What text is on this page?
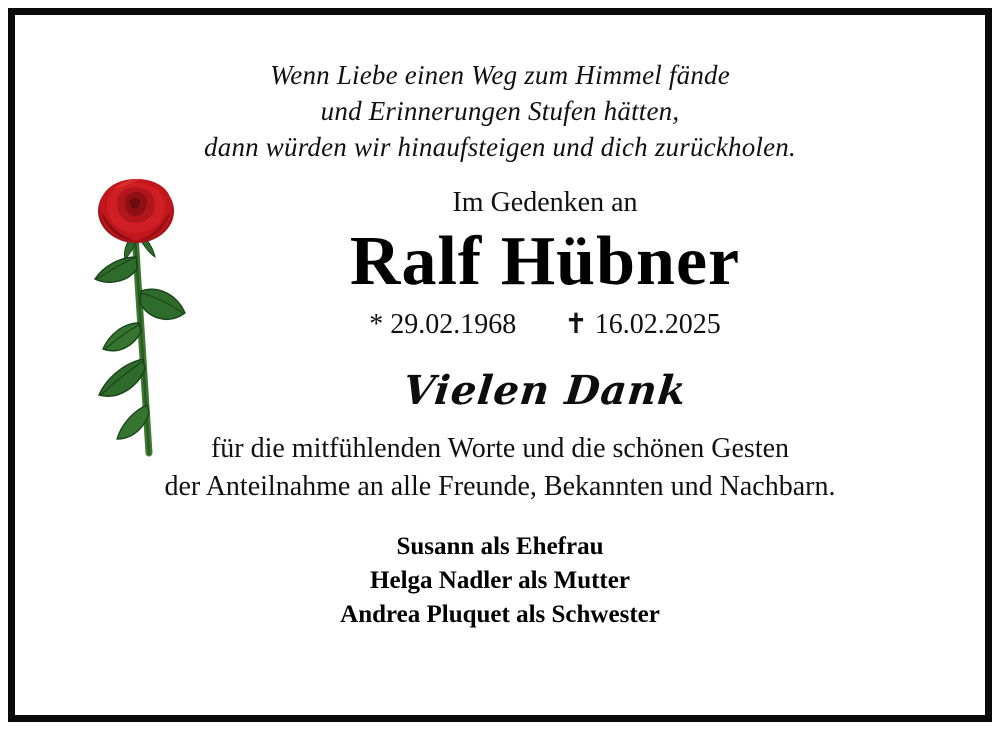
Wenn Liebe einen Weg zum Himmel fände
und Erinnerungen Stufen hätten,
dann würden wir hinaufsteigen und dich zurückholen.
Im Gedenken an
Ralf Hübner
* 29.02.1968 ✝ 16.02.2025
Vielen Dank
für die mitfühlenden Worte und die schönen Gesten
der Anteilnahme an alle Freunde, Bekannten und Nachbarn.
Susann als Ehefrau
Helga Nadler als Mutter
Andrea Pluquet als Schwester
